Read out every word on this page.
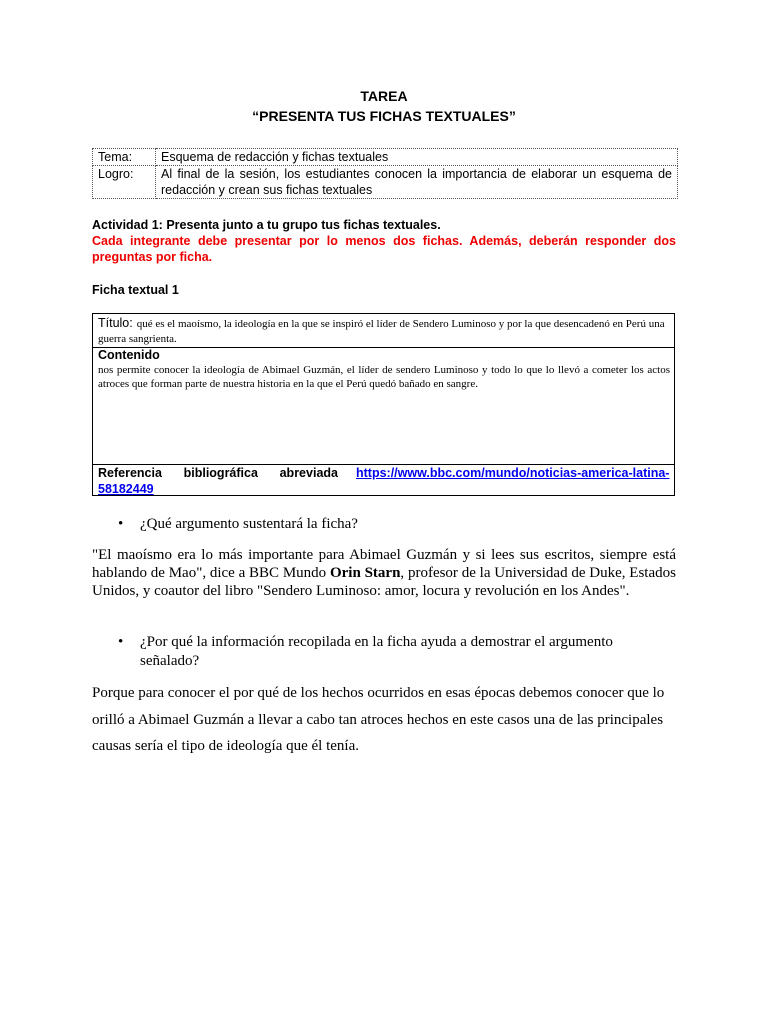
TAREA
“PRESENTA TUS FICHAS TEXTUALES”
Tema:	Esquema de redacción y fichas textuales
Logro:	Al final de la sesión, los estudiantes conocen la importancia de elaborar un esquema de redacción y crean sus fichas textuales
Actividad 1: Presenta junto a tu grupo tus fichas textuales.
Cada integrante debe presentar por lo menos dos fichas. Además, deberán responder dos preguntas por ficha.
Ficha textual 1
Título: qué es el maoísmo, la ideología en la que se inspiró el líder de Sendero Luminoso y por la que desencadenó en Perú una guerra sangrienta.
Contenido
nos permite conocer la ideología de Abimael Guzmán, el líder de sendero Luminoso y todo lo que lo llevó a cometer los actos atroces que forman parte de nuestra historia en la que el Perú quedó bañado en sangre.
Referencia bibliográfica abreviada https://www.bbc.com/mundo/noticias-america-latina-58182449
• ¿Qué argumento sustentará la ficha?
"El maoísmo era lo más importante para Abimael Guzmán y si lees sus escritos, siempre está hablando de Mao", dice a BBC Mundo Orin Starn, profesor de la Universidad de Duke, Estados Unidos, y coautor del libro "Sendero Luminoso: amor, locura y revolución en los Andes".
• ¿Por qué la información recopilada en la ficha ayuda a demostrar el argumento señalado?
Porque para conocer el por qué de los hechos ocurridos en esas épocas debemos conocer que lo orilló a Abimael Guzmán a llevar a cabo tan atroces hechos en este casos una de las principales causas sería el tipo de ideología que él tenía.
